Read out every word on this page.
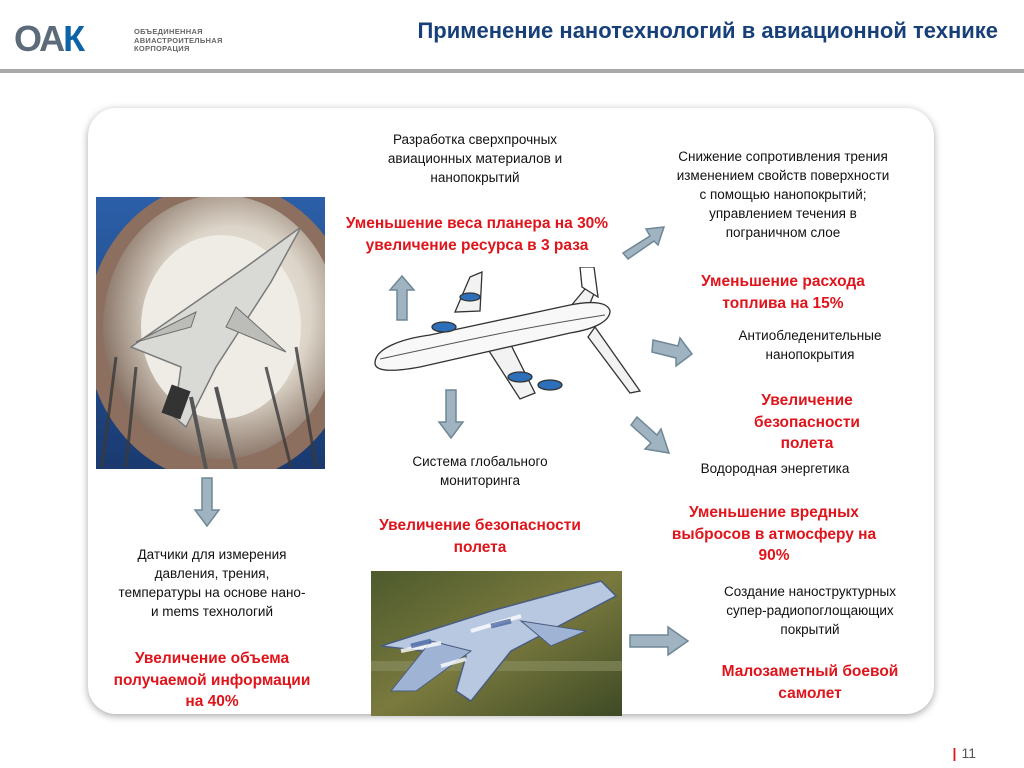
ОАК	ОБЪЕДИНЕННАЯ
АВИАСТРОИТЕЛЬНАЯ
КОРПОРАЦИЯ
Применение нанотехнологий в авиационной технике
Разработка сверхпрочных
авиационных материалов и
нанопокрытий
Уменьшение веса планера на 30%
увеличение ресурса в 3 раза
Снижение сопротивления трения
изменением свойств поверхности
с помощью нанопокрытий;
управлением течения в
пограничном слое
Уменьшение расхода
топлива на 15%
Антиобледенительные
нанопокрытия
Увеличение
безопасности
полета
Водородная энергетика
Уменьшение вредных
выбросов в атмосферу на
90%
Система глобального
мониторинга
Увеличение безопасности
полета
Датчики для измерения
давления, трения,
температуры на основе нано-
и mems технологий
Увеличение объема
получаемой информации
на 40%
Создание наноструктурных
супер-радиопоглощающих
покрытий
Малозаметный боевой
самолет
| 11
